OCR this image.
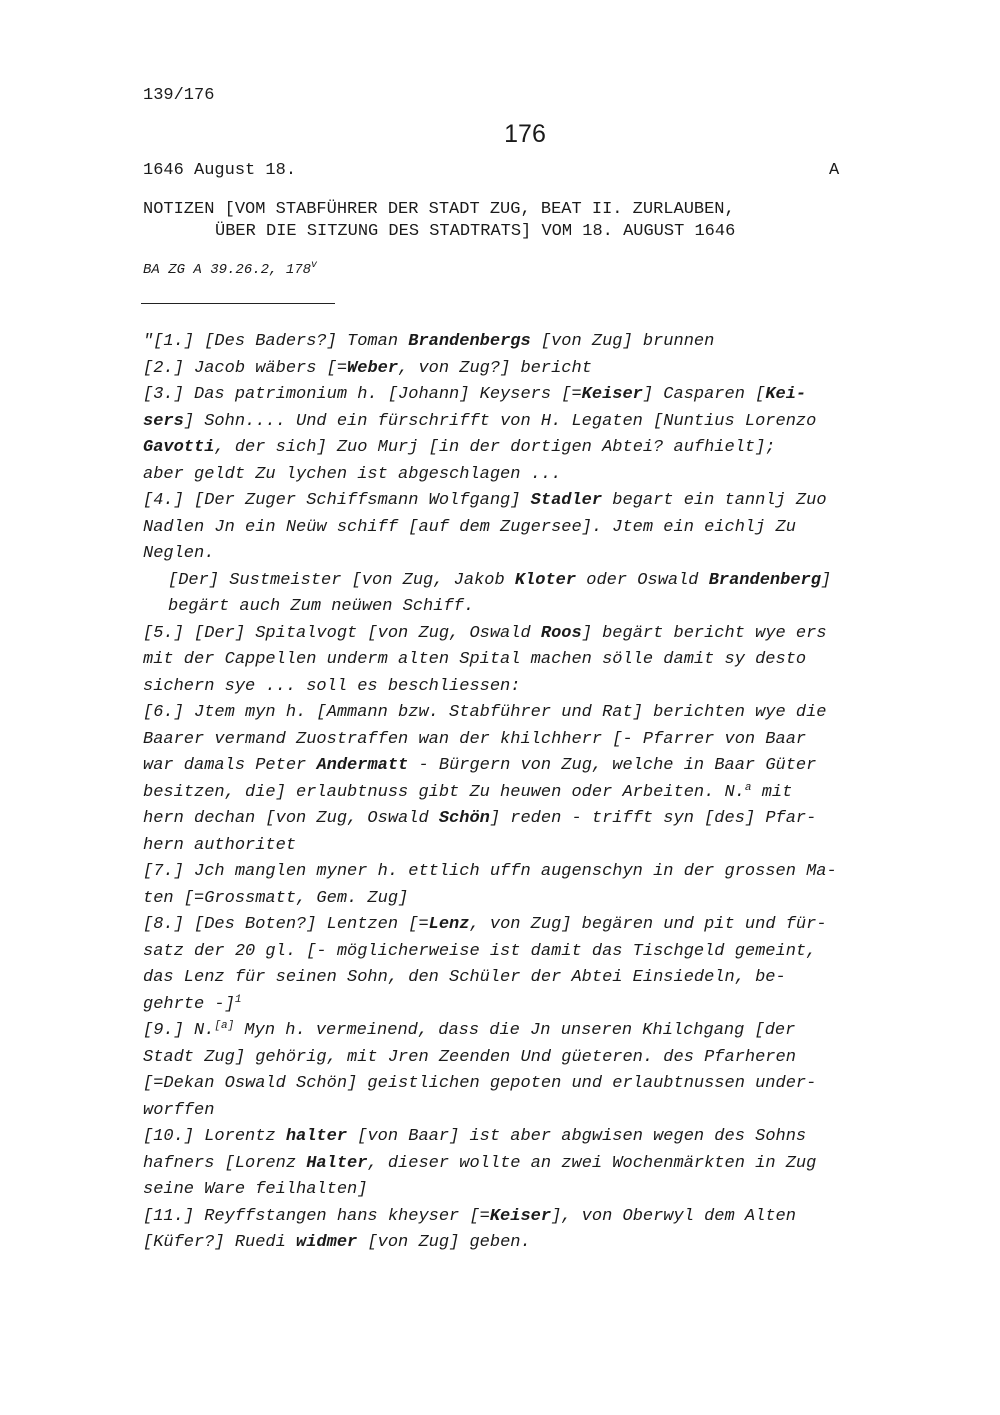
139/176
176
1646 August 18.	A
NOTIZEN [VOM STABFÜHRER DER STADT ZUG, BEAT II. ZURLAUBEN,
ÜBER DIE SITZUNG DES STADTRATS] VOM 18. AUGUST 1646
BA ZG A 39.26.2, 178$^v$
"[1.] [Des Baders?] Toman Brandenbergs [von Zug] brunnen
[2.] Jacob wäbers [=Weber, von Zug?] bericht
[3.] Das patrimonium h. [Johann] Keysers [=Keiser] Casparen [Kei-
sers] Sohn.... Und ein fürschrifft von H. Legaten [Nuntius Lorenzo
Gavotti, der sich] Zuo Murj [in der dortigen Abtei? aufhielt];
aber geldt Zu lychen ist abgeschlagen ...
[4.] [Der Zuger Schiffsmann Wolfgang] Stadler begart ein tannlj Zuo
Nadlen Jn ein Neüw schiff [auf dem Zugersee]. Jtem ein eichlj Zu
Neglen.
[Der] Sustmeister [von Zug, Jakob Kloter oder Oswald Brandenberg]
begärt auch Zum neüwen Schiff.
[5.] [Der] Spitalvogt [von Zug, Oswald Roos] begärt bericht wye ers
mit der Cappellen underm alten Spital machen sölle damit sy desto
sichern sye ... soll es beschliessen:
[6.] Jtem myn h. [Ammann bzw. Stabführer und Rat] berichten wye die
Baarer vermand Zuostraffen wan der khilchherr [- Pfarrer von Baar
war damals Peter Andermatt - Bürgern von Zug, welche in Baar Güter
besitzen, die] erlaubtnuss gibt Zu heuwen oder Arbeiten. N.$^a$ mit
hern dechan [von Zug, Oswald Schön] reden - trifft syn [des] Pfar-
hern authoritet
[7.] Jch manglen myner h. ettlich uffn augenschyn in der grossen Ma-
ten [=Grossmatt, Gem. Zug]
[8.] [Des Boten?] Lentzen [=Lenz, von Zug] begären und pit und für-
satz der 20 gl. [- möglicherweise ist damit das Tischgeld gemeint,
das Lenz für seinen Sohn, den Schüler der Abtei Einsiedeln, be-
gehrte -]$^1$
[9.] N.[a] Myn h. vermeinend, dass die Jn unseren Khilchgang [der
Stadt Zug] gehörig, mit Jren Zeenden Und güeteren. des Pfarheren
[=Dekan Oswald Schön] geistlichen gepoten und erlaubtnussen under-
worffen
[10.] Lorentz halter [von Baar] ist aber abgwisen wegen des Sohns
hafners [Lorenz Halter, dieser wollte an zwei Wochenmärkten in Zug
seine Ware feilhalten]
[11.] Reyffstangen hans kheyser [=Keiser], von Oberwyl dem Alten
[Küfer?] Ruedi widmer [von Zug] geben.
